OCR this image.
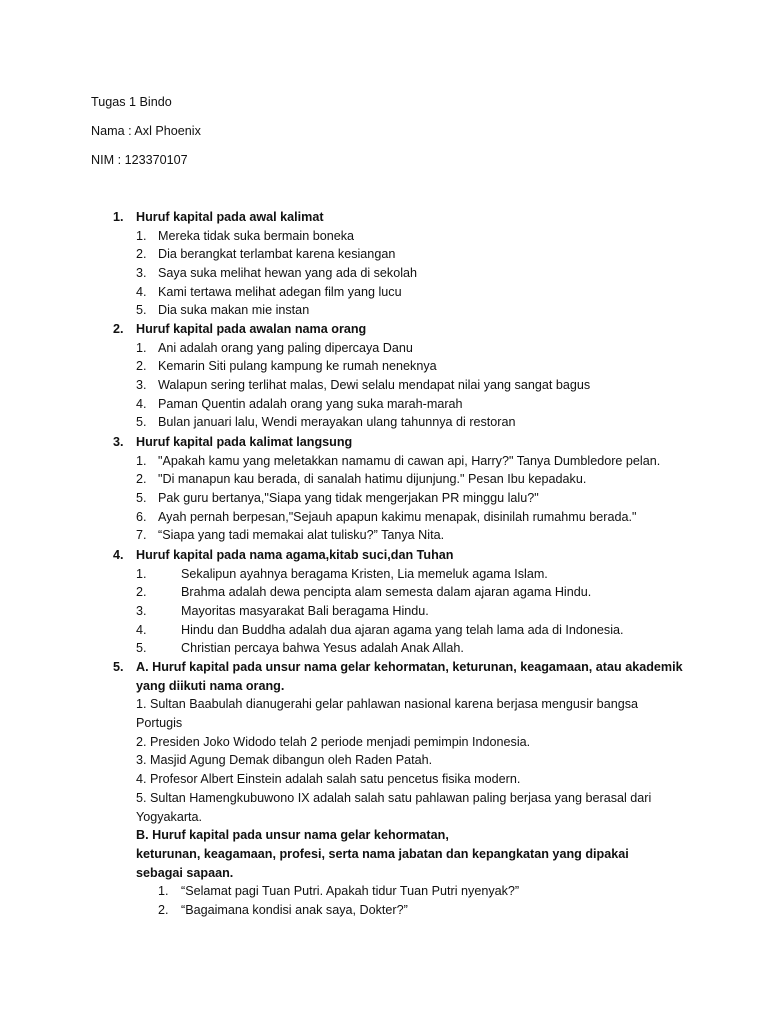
Tugas 1 Bindo
Nama : Axl Phoenix
NIM : 123370107
1. Huruf kapital pada awal kalimat
1. Mereka tidak suka bermain boneka
2. Dia berangkat terlambat karena kesiangan
3. Saya suka melihat hewan yang ada di sekolah
4. Kami tertawa melihat adegan film yang lucu
5. Dia suka makan mie instan
2. Huruf kapital pada awalan nama orang
1. Ani adalah orang yang paling dipercaya Danu
2. Kemarin Siti pulang kampung ke rumah neneknya
3. Walapun sering terlihat malas, Dewi selalu mendapat nilai yang sangat bagus
4. Paman Quentin adalah orang yang suka marah-marah
5. Bulan januari lalu, Wendi merayakan ulang tahunnya di restoran
3. Huruf kapital pada kalimat langsung
1. "Apakah kamu yang meletakkan namamu di cawan api, Harry?" Tanya Dumbledore pelan.
2. "Di manapun kau berada, di sanalah hatimu dijunjung." Pesan Ibu kepadaku.
5. Pak guru bertanya,"Siapa yang tidak mengerjakan PR minggu lalu?"
6. Ayah pernah berpesan,"Sejauh apapun kakimu menapak, disinilah rumahmu berada."
7. “Siapa yang tadi memakai alat tulisku?” Tanya Nita.
4. Huruf kapital pada nama agama,kitab suci,dan Tuhan
1.	Sekalipun ayahnya beragama Kristen, Lia memeluk agama Islam.
2.	Brahma adalah dewa pencipta alam semesta dalam ajaran agama Hindu.
3.	Mayoritas masyarakat Bali beragama Hindu.
4.	Hindu dan Buddha adalah dua ajaran agama yang telah lama ada di Indonesia.
5.	Christian percaya bahwa Yesus adalah Anak Allah.
5. A. Huruf kapital pada unsur nama gelar kehormatan, keturunan, keagamaan, atau akademik
yang diikuti nama orang.
1. Sultan Baabulah dianugerahi gelar pahlawan nasional karena berjasa mengusir bangsa
Portugis
2. Presiden Joko Widodo telah 2 periode menjadi pemimpin Indonesia.
3. Masjid Agung Demak dibangun oleh Raden Patah.
4. Profesor Albert Einstein adalah salah satu pencetus fisika modern.
5. Sultan Hamengkubuwono IX adalah salah satu pahlawan paling berjasa yang berasal dari
Yogyakarta.
B. Huruf kapital pada unsur nama gelar kehormatan,
keturunan, keagamaan, profesi, serta nama jabatan dan kepangkatan yang dipakai
sebagai sapaan.
1. “Selamat pagi Tuan Putri. Apakah tidur Tuan Putri nyenyak?”
2. “Bagaimana kondisi anak saya, Dokter?”
